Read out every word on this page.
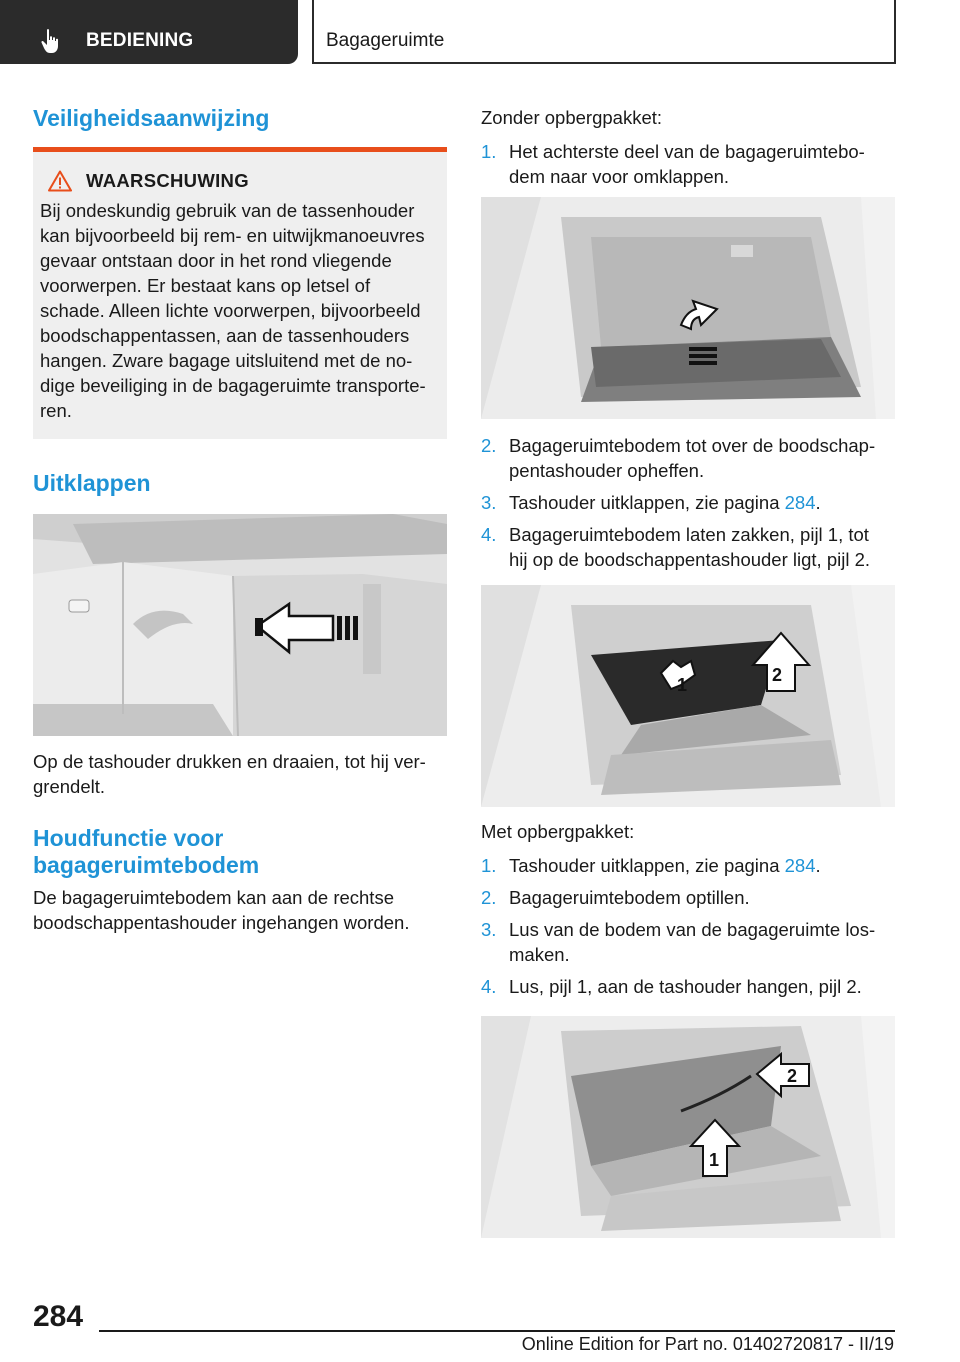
BEDIENING	Bagageruimte
Veiligheidsaanwijzing
WAARSCHUWING
Bij ondeskundig gebruik van de tassenhouder
kan bijvoorbeeld bij rem- en uitwijkmanoeuvres
gevaar ontstaan door in het rond vliegende
voorwerpen. Er bestaat kans op letsel of
schade. Alleen lichte voorwerpen, bijvoorbeeld
boodschappentassen, aan de tassenhouders
hangen. Zware bagage uitsluitend met de no‐
dige beveiliging in de bagageruimte transporte‐
ren.
Uitklappen
Op de tashouder drukken en draaien, tot hij ver‐
grendelt.
Houdfunctie voor
bagageruimtebodem
De bagageruimtebodem kan aan de rechtse
boodschappentashouder ingehangen worden.
Zonder opbergpakket:
1. Het achterste deel van de bagageruimtebo‐
dem naar voor omklappen.
2. Bagageruimtebodem tot over de boodschap‐
pentashouder opheffen.
3. Tashouder uitklappen, zie pagina 284.
4. Bagageruimtebodem laten zakken, pijl 1, tot
hij op de boodschappentashouder ligt, pijl 2.
1	2
Met opbergpakket:
1. Tashouder uitklappen, zie pagina 284.
2. Bagageruimtebodem optillen.
3. Lus van de bodem van de bagageruimte los‐
maken.
4. Lus, pijl 1, aan de tashouder hangen, pijl 2.
1
2
284
Online Edition for Part no. 01402720817 - II/19
